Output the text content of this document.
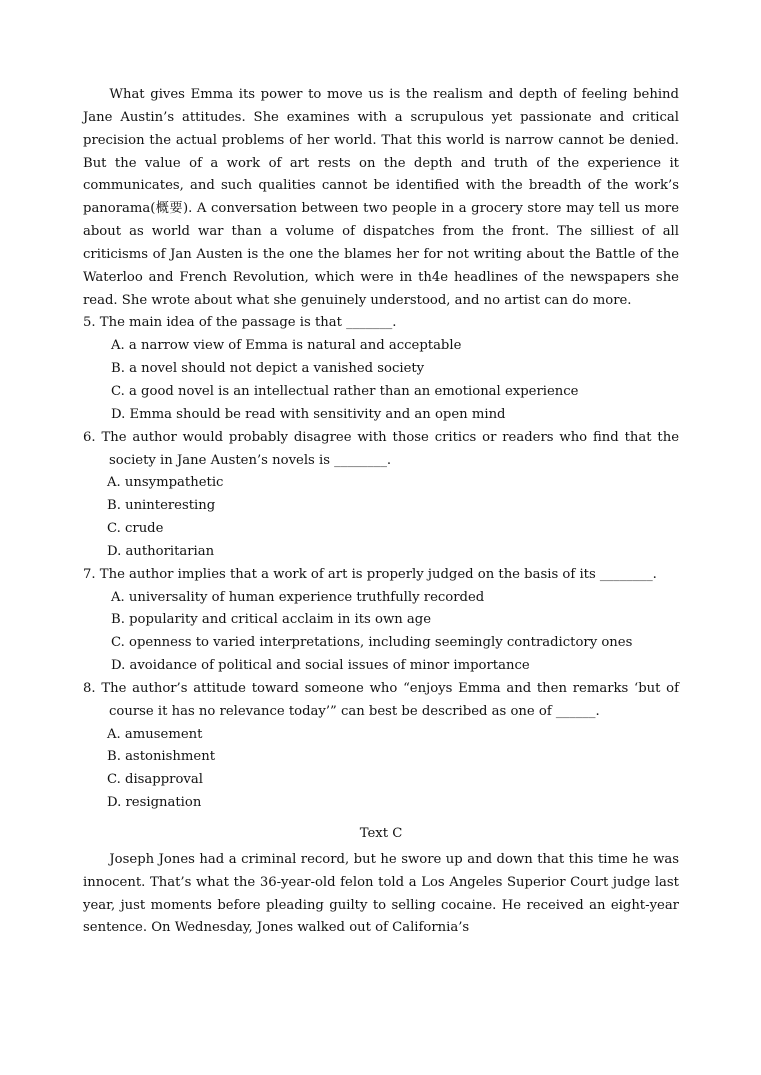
What gives Emma its power to move us is the realism and depth of feeling behind Jane Austin’s attitudes. She examines with a scrupulous yet passionate and critical precision the actual problems of her world. That this world is narrow cannot be denied. But the value of a work of art rests on the depth and truth of the experience it communicates, and such qualities cannot be identified with the breadth of the work’s panorama(概要). A conversation between two people in a grocery store may tell us more about as world war than a volume of dispatches from the front. The silliest of all criticisms of Jan Austen is the one the blames her for not writing about the Battle of the Waterloo and French Revolution, which were in th4e headlines of the newspapers she read. She wrote about what she genuinely understood, and no artist can do more.

5. The main idea of the passage is that _______.
A. a narrow view of Emma is natural and acceptable
B. a novel should not depict a vanished society
C. a good novel is an intellectual rather than an emotional experience
D. Emma should be read with sensitivity and an open mind
6. The author would probably disagree with those critics or readers who find that the society in Jane Austen’s novels is ________.
A. unsympathetic
B. uninteresting
C. crude
D. authoritarian
7. The author implies that a work of art is properly judged on the basis of its ________.
A. universality of human experience truthfully recorded
B. popularity and critical acclaim in its own age
C. openness to varied interpretations, including seemingly contradictory ones
D. avoidance of political and social issues of minor importance
8. The author’s attitude toward someone who “enjoys Emma and then remarks ‘but of course it has no relevance today’” can best be described as one of ______.
A. amusement
B. astonishment
C. disapproval
D. resignation
Text C

Joseph Jones had a criminal record, but he swore up and down that this time he was innocent. That’s what the 36-year-old felon told a Los Angeles Superior Court judge last year, just moments before pleading guilty to selling cocaine. He received an eight-year sentence. On Wednesday, Jones walked out of California’s
